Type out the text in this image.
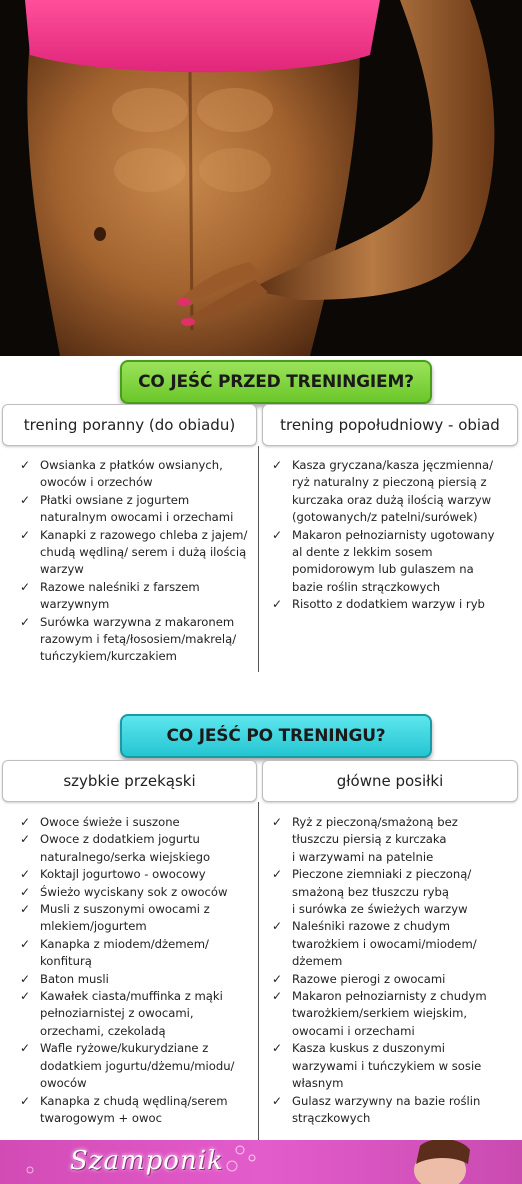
CO JEŚĆ PRZED TRENINGIEM?
trening poranny (do obiadu)	trening popołudniowy - obiad
✓ Owsianka z płatków owsianych,
owoców i orzechów
✓ Płatki owsiane z jogurtem
naturalnym owocami i orzechami
✓ Kanapki z razowego chleba z jajem/
chudą wędliną/ serem i dużą ilością
warzyw
✓ Razowe naleśniki z farszem
warzywnym
✓ Surówka warzywna z makaronem
razowym i fetą/łososiem/makrelą/
tuńczykiem/kurczakiem
✓ Kasza gryczana/kasza jęczmienna/
ryż naturalny z pieczoną piersią z
kurczaka oraz dużą ilością warzyw
(gotowanych/z patelni/surówek)
✓ Makaron pełnoziarnisty ugotowany
al dente z lekkim sosem
pomidorowym lub gulaszem na
bazie roślin strączkowych
✓ Risotto z dodatkiem warzyw i ryb
CO JEŚĆ PO TRENINGU?
szybkie przekąski	główne posiłki
✓ Owoce świeże i suszone
✓ Owoce z dodatkiem jogurtu
naturalnego/serka wiejskiego
✓ Koktajl jogurtowo - owocowy
✓ Świeżo wyciskany sok z owoców
✓ Musli z suszonymi owocami z
mlekiem/jogurtem
✓ Kanapka z miodem/dżemem/
konfiturą
✓ Baton musli
✓ Kawałek ciasta/muffinka z mąki
pełnoziarnistej z owocami,
orzechami, czekoladą
✓ Wafle ryżowe/kukurydziane z
dodatkiem jogurtu/dżemu/miodu/
owoców
✓ Kanapka z chudą wędliną/serem
twarogowym + owoc
✓ Ryż z pieczoną/smażoną bez
tłuszczu piersią z kurczaka
i warzywami na patelnie
✓ Pieczone ziemniaki z pieczoną/
smażoną bez tłuszczu rybą
i surówka ze świeżych warzyw
✓ Naleśniki razowe z chudym
twarożkiem i owocami/miodem/
dżemem
✓ Razowe pierogi z owocami
✓ Makaron pełnoziarnisty z chudym
twarożkiem/serkiem wiejskim,
owocami i orzechami
✓ Kasza kuskus z duszonymi
warzywami i tuńczykiem w sosie
własnym
✓ Gulasz warzywny na bazie roślin
strączkowych
Szamponik
